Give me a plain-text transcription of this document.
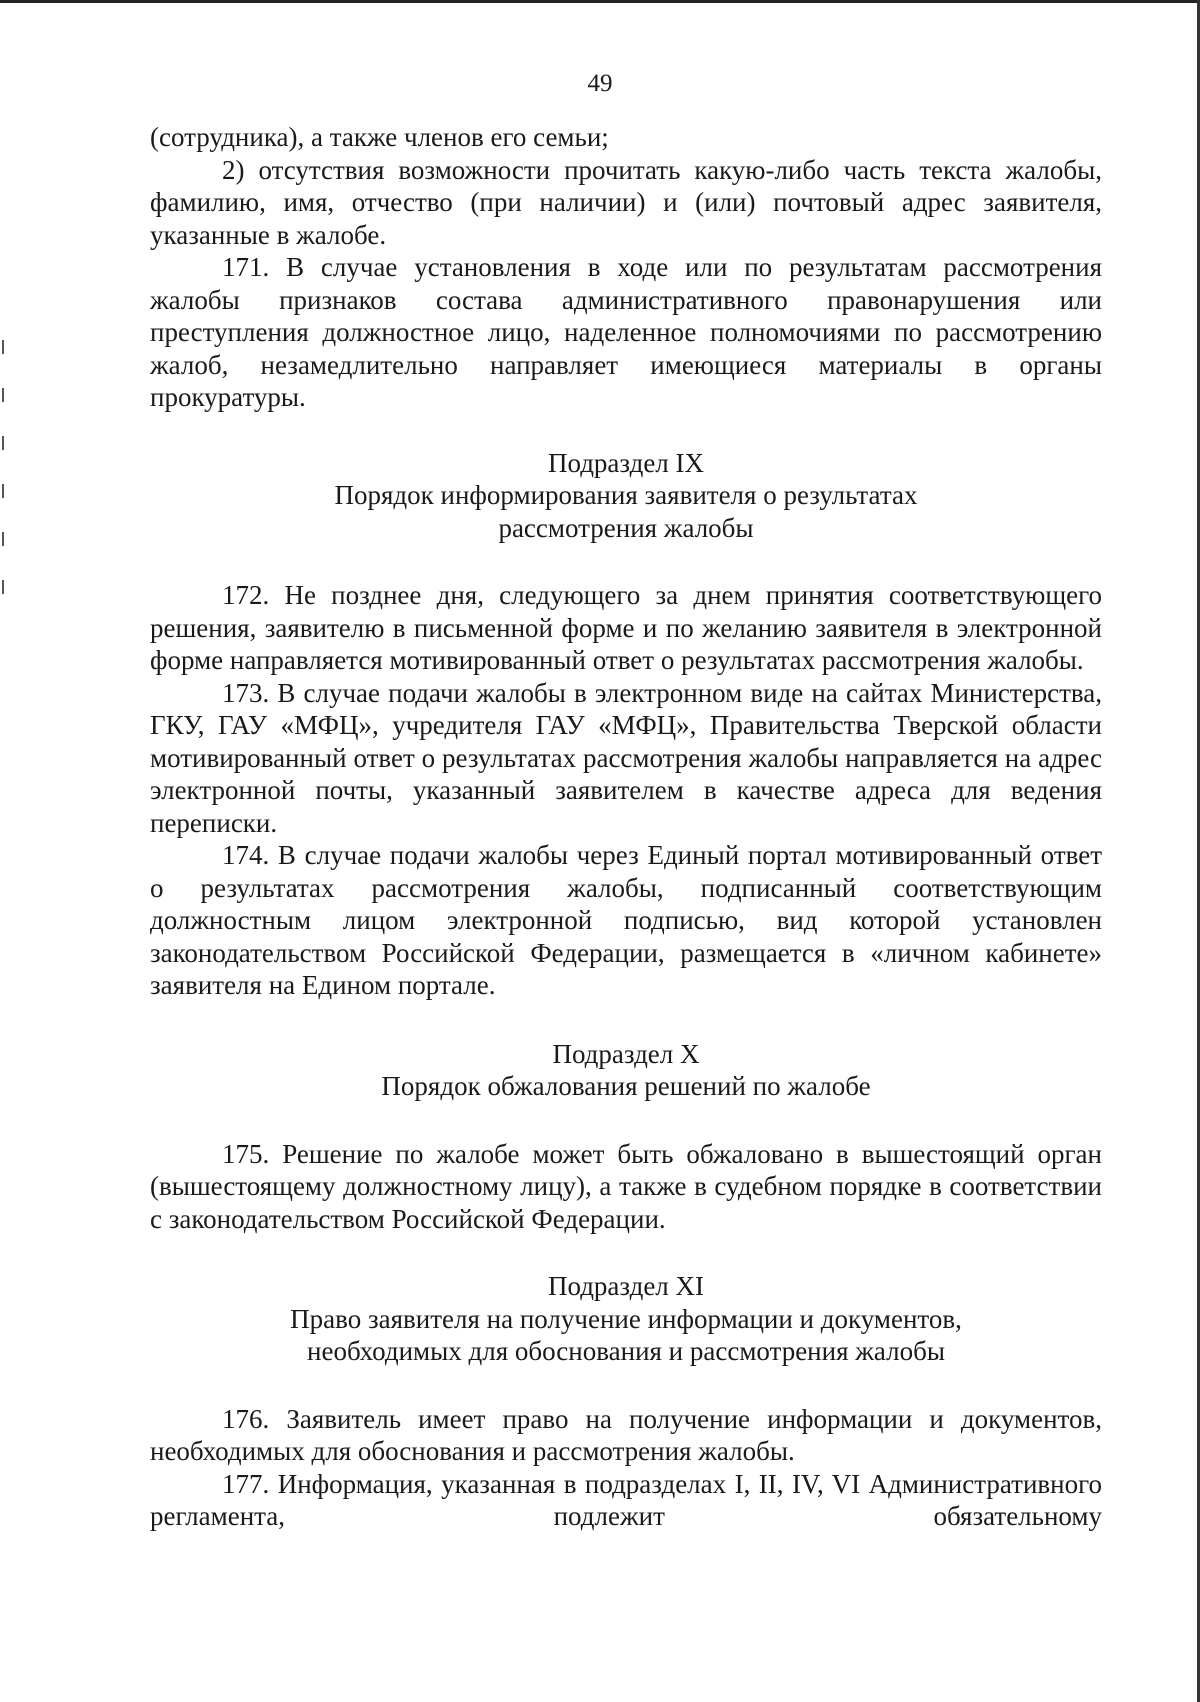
49

(сотрудника), а также членов его семьи;

2) отсутствия возможности прочитать какую-либо часть текста жалобы, фамилию, имя, отчество (при наличии) и (или) почтовый адрес заявителя, указанные в жалобе.

171. В случае установления в ходе или по результатам рассмотрения жалобы признаков состава административного правонарушения или преступления должностное лицо, наделенное полномочиями по рассмотрению жалоб, незамедлительно направляет имеющиеся материалы в органы прокуратуры.

Подраздел IX

Порядок информирования заявителя о результатах

рассмотрения жалобы

172. Не позднее дня, следующего за днем принятия соответствующего решения, заявителю в письменной форме и по желанию заявителя в электронной форме направляется мотивированный ответ о результатах рассмотрения жалобы.

173. В случае подачи жалобы в электронном виде на сайтах Министерства, ГКУ, ГАУ «МФЦ», учредителя ГАУ «МФЦ», Правительства Тверской области мотивированный ответ о результатах рассмотрения жалобы направляется на адрес электронной почты, указанный заявителем в качестве адреса для ведения переписки.

174. В случае подачи жалобы через Единый портал мотивированный ответ о результатах рассмотрения жалобы, подписанный соответствующим должностным лицом электронной подписью, вид которой установлен законодательством Российской Федерации, размещается в «личном кабинете» заявителя на Едином портале.

Подраздел X

Порядок обжалования решений по жалобе

175. Решение по жалобе может быть обжаловано в вышестоящий орган (вышестоящему должностному лицу), а также в судебном порядке в соответствии с законодательством Российской Федерации.

Подраздел XI

Право заявителя на получение информации и документов,

необходимых для обоснования и рассмотрения жалобы

176. Заявитель имеет право на получение информации и документов, необходимых для обоснования и рассмотрения жалобы.

177. Информация, указанная в подразделах I, II, IV, VI Административного регламента, подлежит обязательному
